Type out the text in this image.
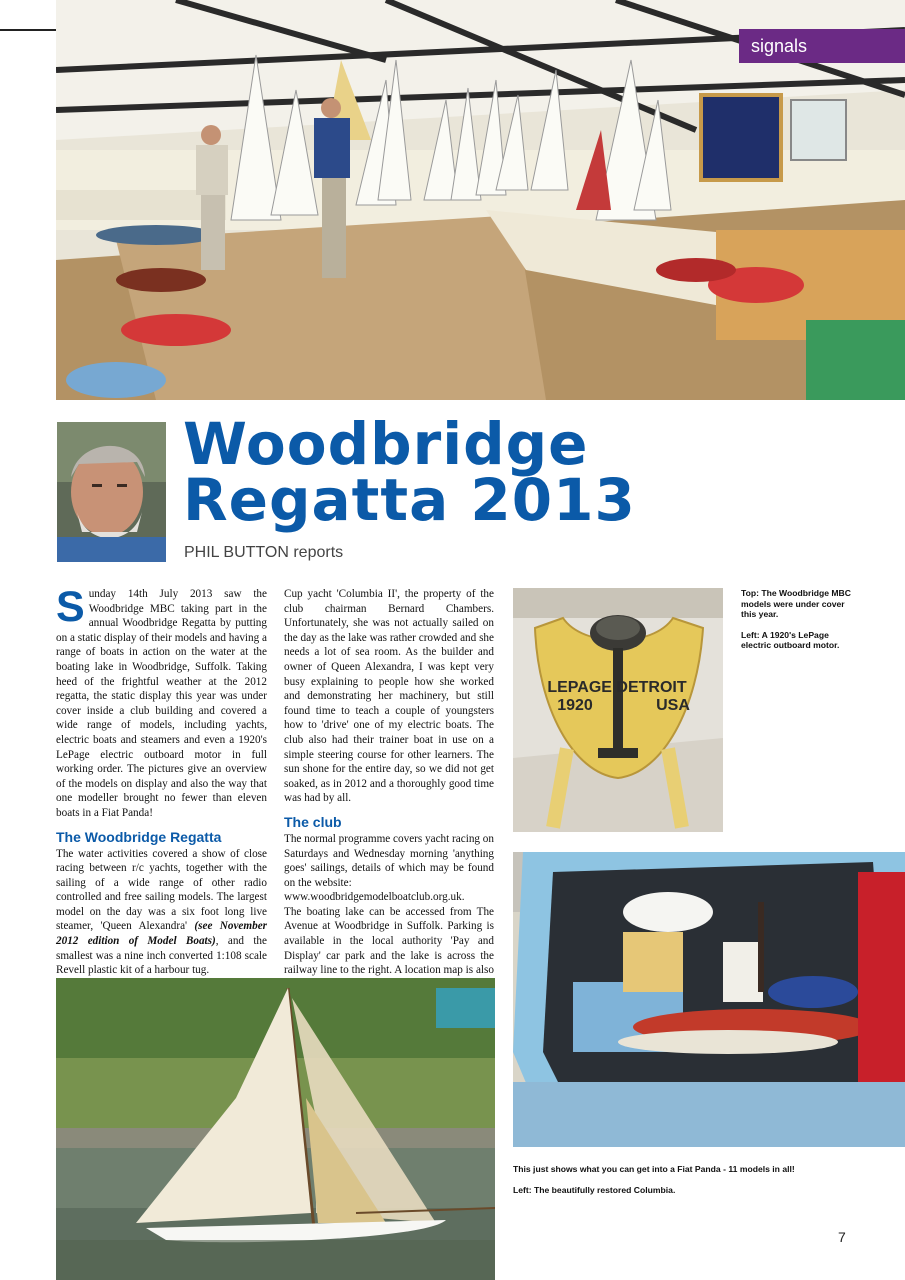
signals
Woodbridge
Regatta 2013
PHIL BUTTON reports

Sunday 14th July 2013 saw the Woodbridge MBC taking part in the annual Woodbridge Regatta by putting on a static display of their models and having a range of boats in action on the water at the boating lake in Woodbridge, Suffolk. Taking heed of the frightful weather at the 2012 regatta, the static display this year was under cover inside a club building and covered a wide range of models, including yachts, electric boats and steamers and even a 1920's LePage electric outboard motor in full working order. The pictures give an overview of the models on display and also the way that one modeller brought no fewer than eleven boats in a Fiat Panda!

The Woodbridge Regatta

The water activities covered a show of close racing between r/c yachts, together with the sailing of a wide range of other radio controlled and free sailing models. The largest model on the day was a six foot long live steamer, 'Queen Alexandra' (see November 2012 edition of Model Boats), and the smallest was a nine inch converted 1:108 scale Revell plastic kit of a harbour tug.

Cup yacht 'Columbia II', the property of the club chairman Bernard Chambers. Unfortunately, she was not actually sailed on the day as the lake was rather crowded and she needs a lot of sea room. As the builder and owner of Queen Alexandra, I was kept very busy explaining to people how she worked and demonstrating her machinery, but still found time to teach a couple of youngsters how to 'drive' one of my electric boats. The club also had their trainer boat in use on a simple steering course for other learners. The sun shone for the entire day, so we did not get soaked, as in 2012 and a thoroughly good time was had by all.

The club

The normal programme covers yacht racing on Saturdays and Wednesday morning 'anything goes' sailings, details of which may be found on the website:

www.woodbridgemodelboatclub.org.uk.

The boating lake can be accessed from The Avenue at Woodbridge in Suffolk. Parking is available in the local authority 'Pay and Display' car park and the lake is across the railway line to the right. A location map is also

LEPAGE DETROIT
1920	USA

Top: The Woodbridge MBC models were under cover this year.

Left: A 1920's LePage electric outboard motor.

This just shows what you can get into a Fiat Panda - 11 models in all!

Left: The beautifully restored Columbia.

7
